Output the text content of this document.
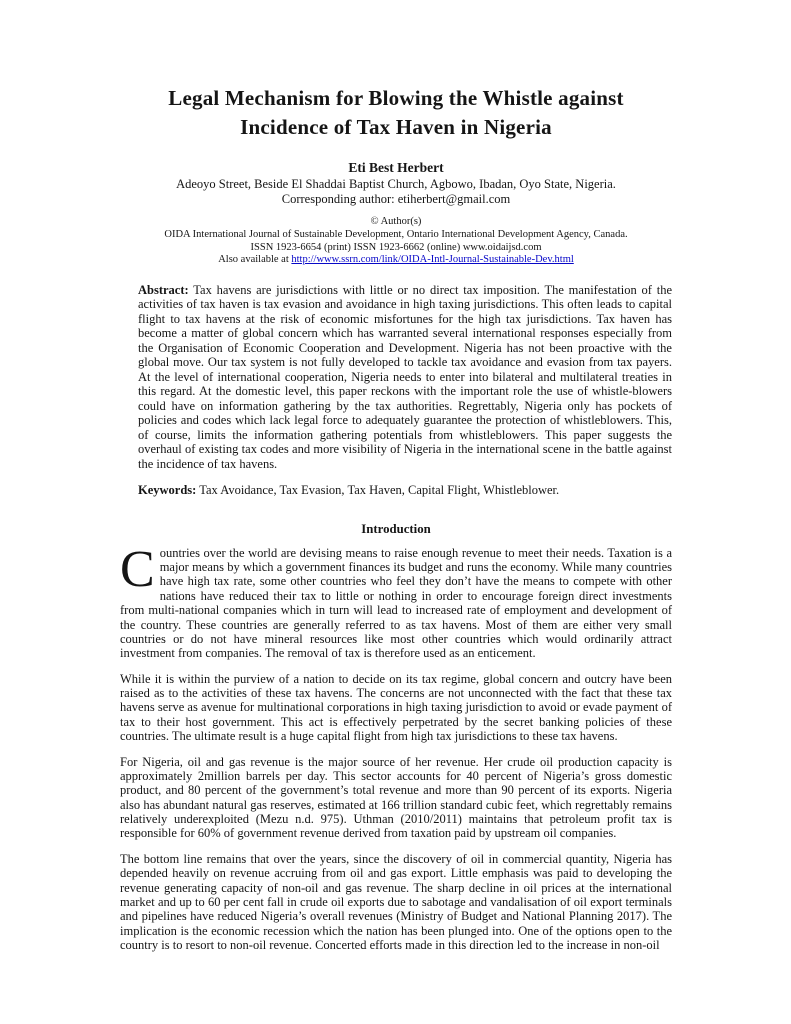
Legal Mechanism for Blowing the Whistle against
Incidence of Tax Haven in Nigeria
Eti Best Herbert
Adeoyo Street, Beside El Shaddai Baptist Church, Agbowo, Ibadan, Oyo State, Nigeria.
Corresponding author: etiherbert@gmail.com
© Author(s)
OIDA International Journal of Sustainable Development, Ontario International Development Agency, Canada.
ISSN 1923-6654 (print) ISSN 1923-6662 (online) www.oidaijsd.com
Also available at http://www.ssrn.com/link/OIDA-Intl-Journal-Sustainable-Dev.html
Abstract: Tax havens are jurisdictions with little or no direct tax imposition. The manifestation of the activities of tax haven is tax evasion and avoidance in high taxing jurisdictions. This often leads to capital flight to tax havens at the risk of economic misfortunes for the high tax jurisdictions. Tax haven has become a matter of global concern which has warranted several international responses especially from the Organisation of Economic Cooperation and Development. Nigeria has not been proactive with the global move. Our tax system is not fully developed to tackle tax avoidance and evasion from tax payers. At the level of international cooperation, Nigeria needs to enter into bilateral and multilateral treaties in this regard. At the domestic level, this paper reckons with the important role the use of whistle-blowers could have on information gathering by the tax authorities. Regrettably, Nigeria only has pockets of policies and codes which lack legal force to adequately guarantee the protection of whistleblowers. This, of course, limits the information gathering potentials from whistleblowers. This paper suggests the overhaul of existing tax codes and more visibility of Nigeria in the international scene in the battle against the incidence of tax havens.
Keywords: Tax Avoidance, Tax Evasion, Tax Haven, Capital Flight, Whistleblower.
Introduction

Countries over the world are devising means to raise enough revenue to meet their needs. Taxation is a major means by which a government finances its budget and runs the economy. While many countries have high tax rate, some other countries who feel they don’t have the means to compete with other nations have reduced their tax to little or nothing in order to encourage foreign direct investments from multi-national companies which in turn will lead to increased rate of employment and development of the country. These countries are generally referred to as tax havens. Most of them are either very small countries or do not have mineral resources like most other countries which would ordinarily attract investment from companies. The removal of tax is therefore used as an enticement.

While it is within the purview of a nation to decide on its tax regime, global concern and outcry have been raised as to the activities of these tax havens. The concerns are not unconnected with the fact that these tax havens serve as avenue for multinational corporations in high taxing jurisdiction to avoid or evade payment of tax to their host government. This act is effectively perpetrated by the secret banking policies of these countries. The ultimate result is a huge capital flight from high tax jurisdictions to these tax havens.

For Nigeria, oil and gas revenue is the major source of her revenue. Her crude oil production capacity is approximately 2million barrels per day. This sector accounts for 40 percent of Nigeria’s gross domestic product, and 80 percent of the government’s total revenue and more than 90 percent of its exports. Nigeria also has abundant natural gas reserves, estimated at 166 trillion standard cubic feet, which regrettably remains relatively underexploited (Mezu n.d. 975). Uthman (2010/2011) maintains that petroleum profit tax is responsible for 60% of government revenue derived from taxation paid by upstream oil companies.

The bottom line remains that over the years, since the discovery of oil in commercial quantity, Nigeria has depended heavily on revenue accruing from oil and gas export. Little emphasis was paid to developing the revenue generating capacity of non-oil and gas revenue. The sharp decline in oil prices at the international market and up to 60 per cent fall in crude oil exports due to sabotage and vandalisation of oil export terminals and pipelines have reduced Nigeria’s overall revenues (Ministry of Budget and National Planning 2017). The implication is the economic recession which the nation has been plunged into. One of the options open to the country is to resort to non-oil revenue. Concerted efforts made in this direction led to the increase in non-oil
